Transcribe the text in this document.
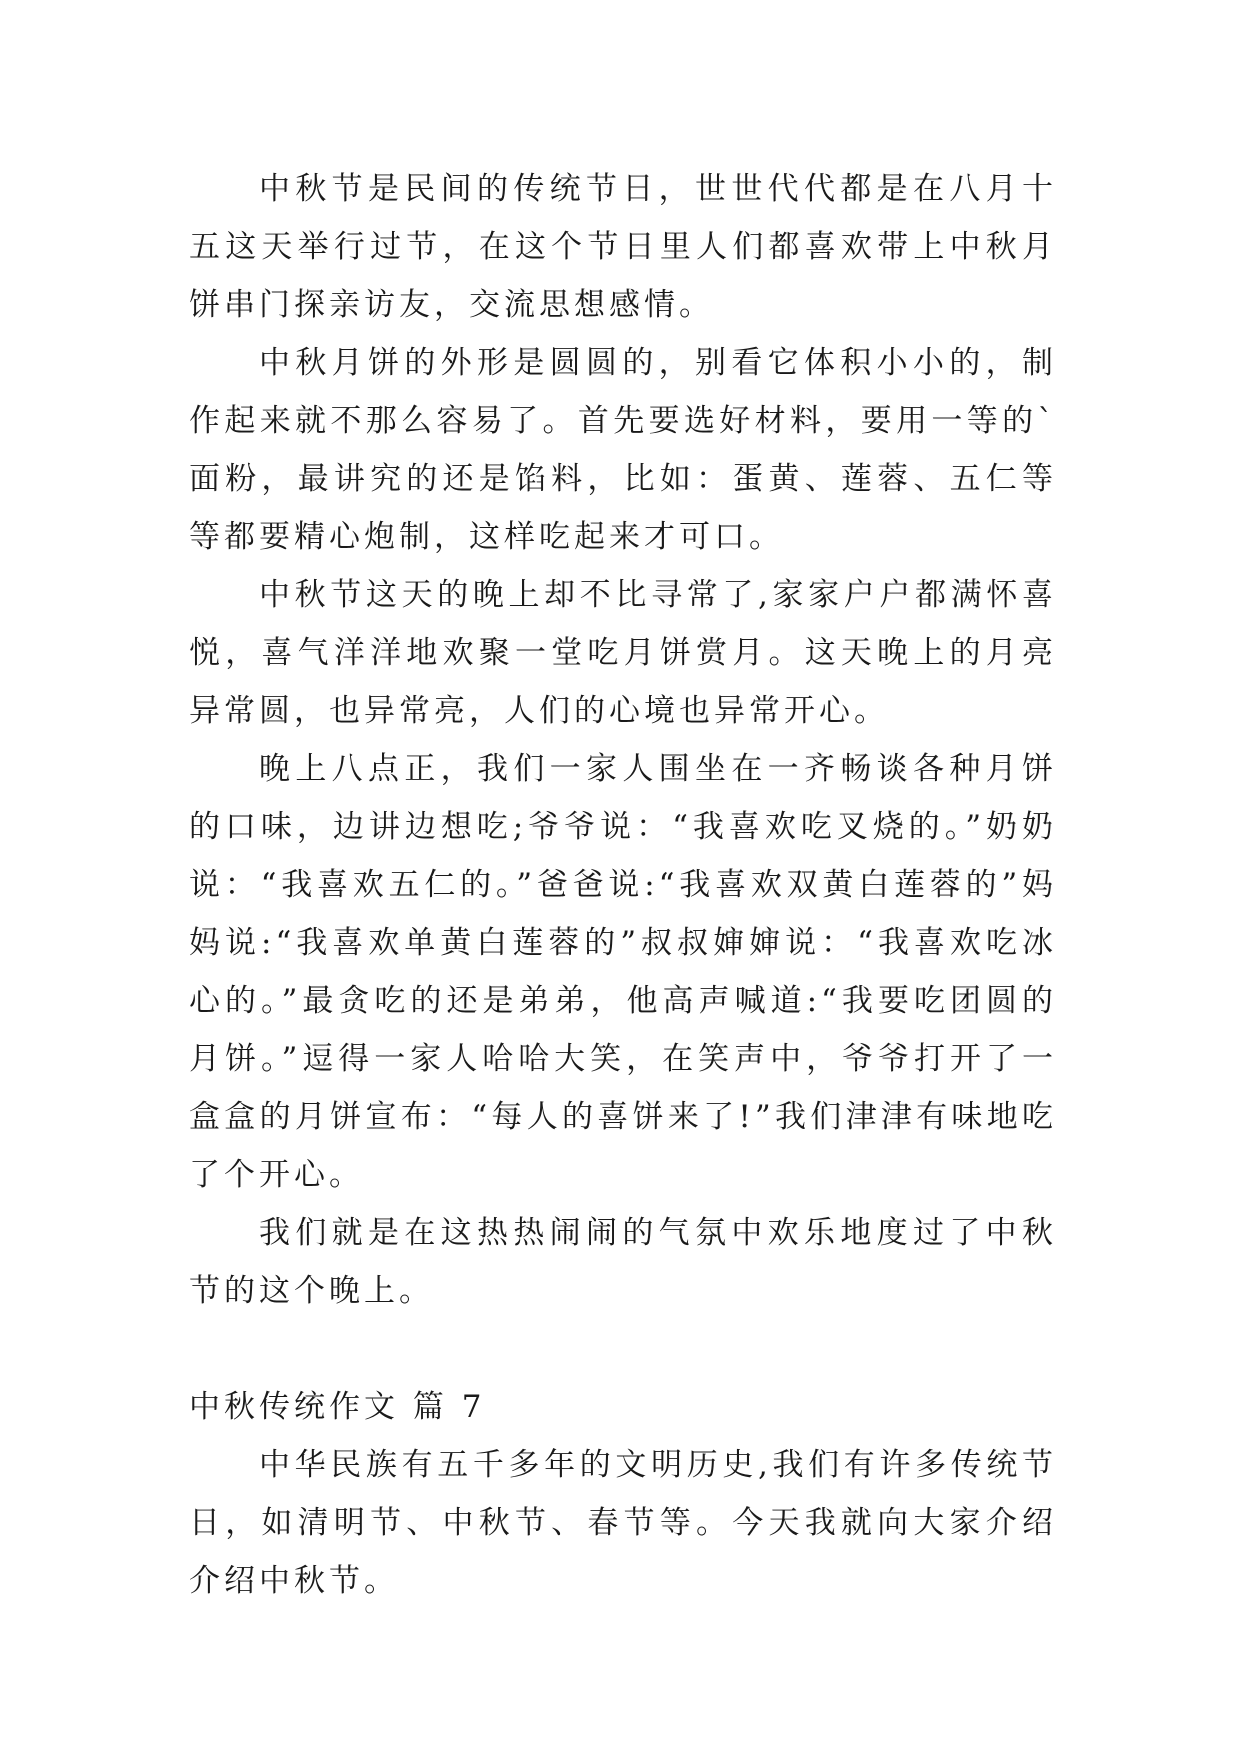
中秋节是民间的传统节日，世世代代都是在八月十五这天举行过节，在这个节日里人们都喜欢带上中秋月饼串门探亲访友，交流思想感情。

中秋月饼的外形是圆圆的，别看它体积小小的，制作起来就不那么容易了。首先要选好材料，要用一等的`面粉，最讲究的还是馅料，比如：蛋黄、莲蓉、五仁等等都要精心炮制，这样吃起来才可口。

中秋节这天的晚上却不比寻常了,家家户户都满怀喜悦，喜气洋洋地欢聚一堂吃月饼赏月。这天晚上的月亮异常圆，也异常亮，人们的心境也异常开心。

晚上八点正，我们一家人围坐在一齐畅谈各种月饼的口味，边讲边想吃;爷爷说：“我喜欢吃叉烧的。”奶奶说：“我喜欢五仁的。”爸爸说:“我喜欢双黄白莲蓉的”妈妈说:“我喜欢单黄白莲蓉的”叔叔婶婶说：“我喜欢吃冰心的。”最贪吃的还是弟弟，他高声喊道:“我要吃团圆的月饼。”逗得一家人哈哈大笑，在笑声中，爷爷打开了一盒盒的月饼宣布：“每人的喜饼来了!”我们津津有味地吃了个开心。

我们就是在这热热闹闹的气氛中欢乐地度过了中秋节的这个晚上。

中秋传统作文 篇 7

中华民族有五千多年的文明历史,我们有许多传统节日，如清明节、中秋节、春节等。今天我就向大家介绍介绍中秋节。
